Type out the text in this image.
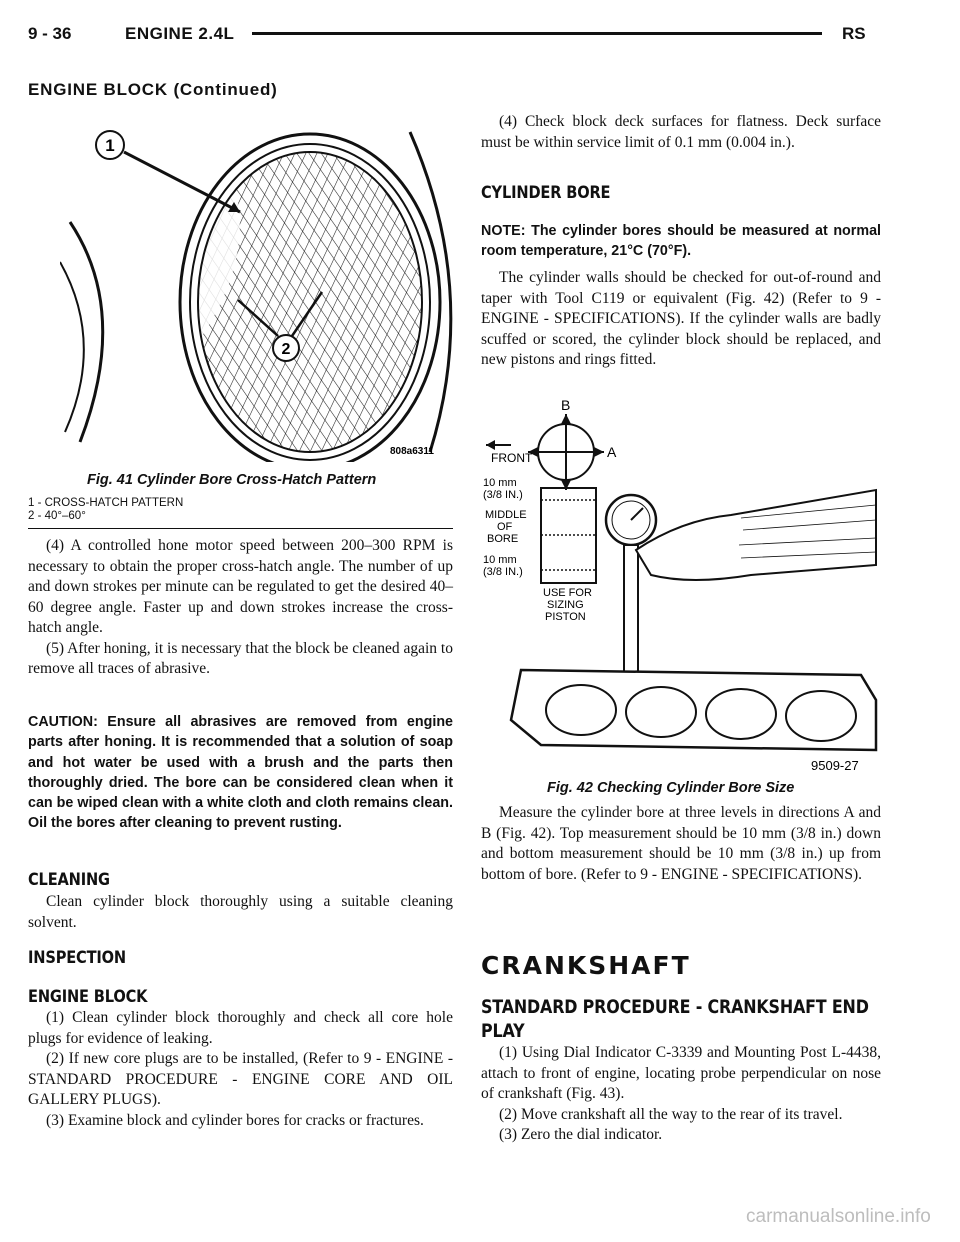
9 - 36	ENGINE 2.4L	RS
ENGINE BLOCK (Continued)
1
2
808a6311
Fig. 41 Cylinder Bore Cross-Hatch Pattern
1 - CROSS-HATCH PATTERN
2 - 40°–60°

(4) A controlled hone motor speed between 200–300 RPM is necessary to obtain the proper cross-hatch angle. The number of up and down strokes per minute can be regulated to get the desired 40–60 degree angle. Faster up and down strokes increase the cross-hatch angle.

(5) After honing, it is necessary that the block be cleaned again to remove all traces of abrasive.

CAUTION: Ensure all abrasives are removed from engine parts after honing. It is recommended that a solution of soap and hot water be used with a brush and the parts then thoroughly dried. The bore can be considered clean when it can be wiped clean with a white cloth and cloth remains clean. Oil the bores after cleaning to prevent rusting.
CLEANING

Clean cylinder block thoroughly using a suitable cleaning solvent.

INSPECTION
ENGINE BLOCK

(1) Clean cylinder block thoroughly and check all core hole plugs for evidence of leaking.

(2) If new core plugs are to be installed, (Refer to 9 - ENGINE - STANDARD PROCEDURE - ENGINE CORE AND OIL GALLERY PLUGS).

(3) Examine block and cylinder bores for cracks or fractures.

(4) Check block deck surfaces for flatness. Deck surface must be within service limit of 0.1 mm (0.004 in.).

CYLINDER BORE
NOTE: The cylinder bores should be measured at normal room temperature, 21°C (70°F).

The cylinder walls should be checked for out-of-round and taper with Tool C119 or equivalent (Fig. 42) (Refer to 9 - ENGINE - SPECIFICATIONS). If the cylinder walls are badly scuffed or scored, the cylinder block should be replaced, and new pistons and rings fitted.

B
A
FRONT
10 mm
(3/8 IN.)
MIDDLE
OF
BORE
10 mm
(3/8 IN.)
USE FOR
SIZING
PISTON
9509-27
Fig. 42 Checking Cylinder Bore Size

Measure the cylinder bore at three levels in directions A and B (Fig. 42). Top measurement should be 10 mm (3/8 in.) down and bottom measurement should be 10 mm (3/8 in.) up from bottom of bore. (Refer to 9 - ENGINE - SPECIFICATIONS).

CRANKSHAFT
STANDARD PROCEDURE - CRANKSHAFT END
PLAY

(1) Using Dial Indicator C-3339 and Mounting Post L-4438, attach to front of engine, locating probe perpendicular on nose of crankshaft (Fig. 43).

(2) Move crankshaft all the way to the rear of its travel.

(3) Zero the dial indicator.

carmanualsonline.info
